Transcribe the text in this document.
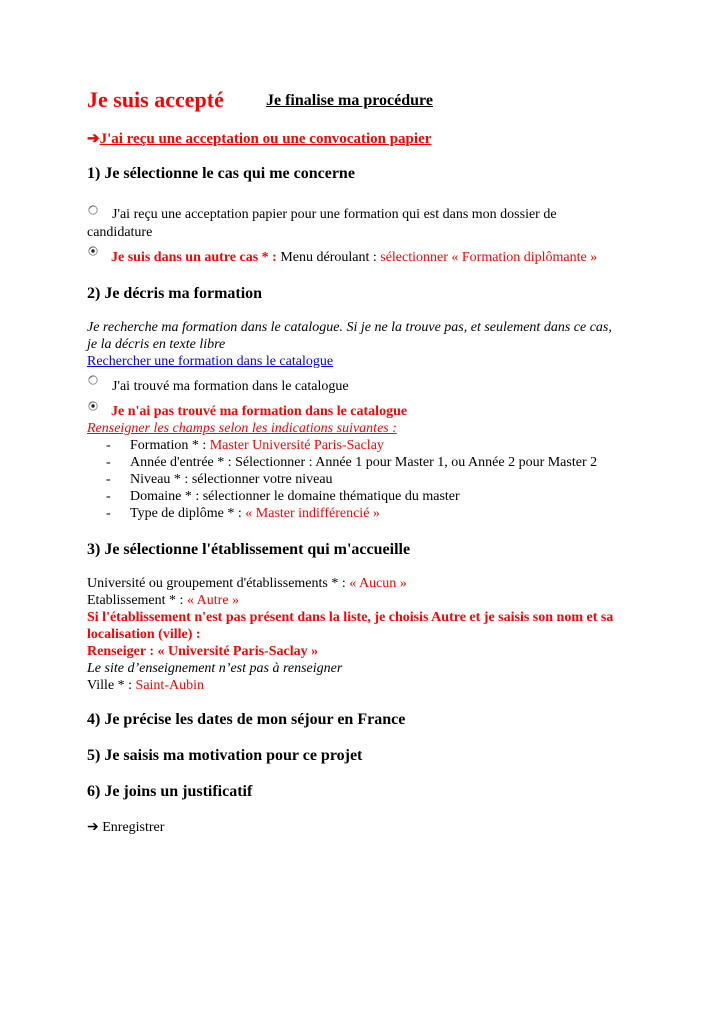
Je suis accepté	Je finalise ma procédure
➔J'ai reçu une acceptation ou une convocation papier
1) Je sélectionne le cas qui me concerne
J'ai reçu une acceptation papier pour une formation qui est dans mon dossier de
candidature
Je suis dans un autre cas * : Menu déroulant : sélectionner « Formation diplômante »
2) Je décris ma formation
Je recherche ma formation dans le catalogue. Si je ne la trouve pas, et seulement dans ce cas,
je la décris en texte libre
Rechercher une formation dans le catalogue
J'ai trouvé ma formation dans le catalogue
Je n'ai pas trouvé ma formation dans le catalogue
Renseigner les champs selon les indications suivantes :
- Formation * : Master Université Paris-Saclay
- Année d'entrée * : Sélectionner : Année 1 pour Master 1, ou Année 2 pour Master 2
- Niveau * : sélectionner votre niveau
- Domaine * : sélectionner le domaine thématique du master
- Type de diplôme * : « Master indifférencié »
3) Je sélectionne l'établissement qui m'accueille
Université ou groupement d'établissements * : « Aucun »
Etablissement * : « Autre »
Si l'établissement n'est pas présent dans la liste, je choisis Autre et je saisis son nom et sa
localisation (ville) :
Renseiger : « Université Paris-Saclay »
Le site d’enseignement n’est pas à renseigner
Ville * : Saint-Aubin
4) Je précise les dates de mon séjour en France
5) Je saisis ma motivation pour ce projet
6) Je joins un justificatif
➔ Enregistrer
